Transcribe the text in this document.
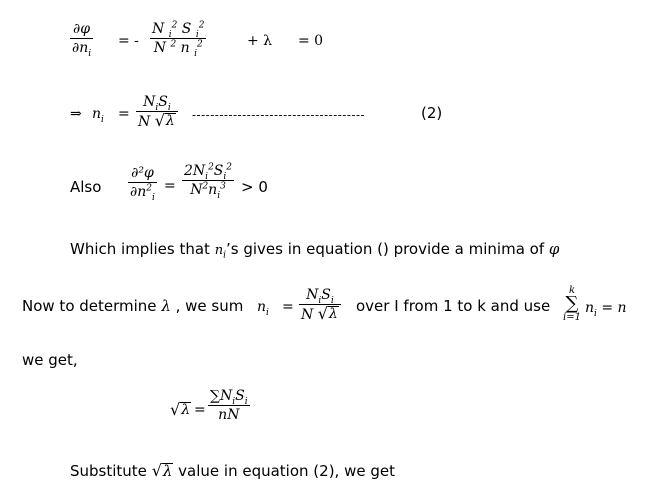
∂φ
$\partial n_i$
= -
N $_i^2$ S $_i^2$
N $^2$ n $_i^2$	+ λ = 0
⇒ $n_i$ =
$N_iS_i$
N √ λ --------------------------------------	(2)
Also
∂²φ
$\partial n^2_i$
=
$2N_i^2S_i^2$
$N^2n_i^3 > 0$
Which implies that $n_i’s$ gives in equation () provide a minima of φ
Now to determine λ , we sum $n_i$ =
$N_iS_i$
N √ λ over I from 1 to k and use
k
∑
i=1
$n_i = n$
we get,
√ λ =
$\sum N_iS_i$
nN
Substitute √ λ value in equation (2), we get
